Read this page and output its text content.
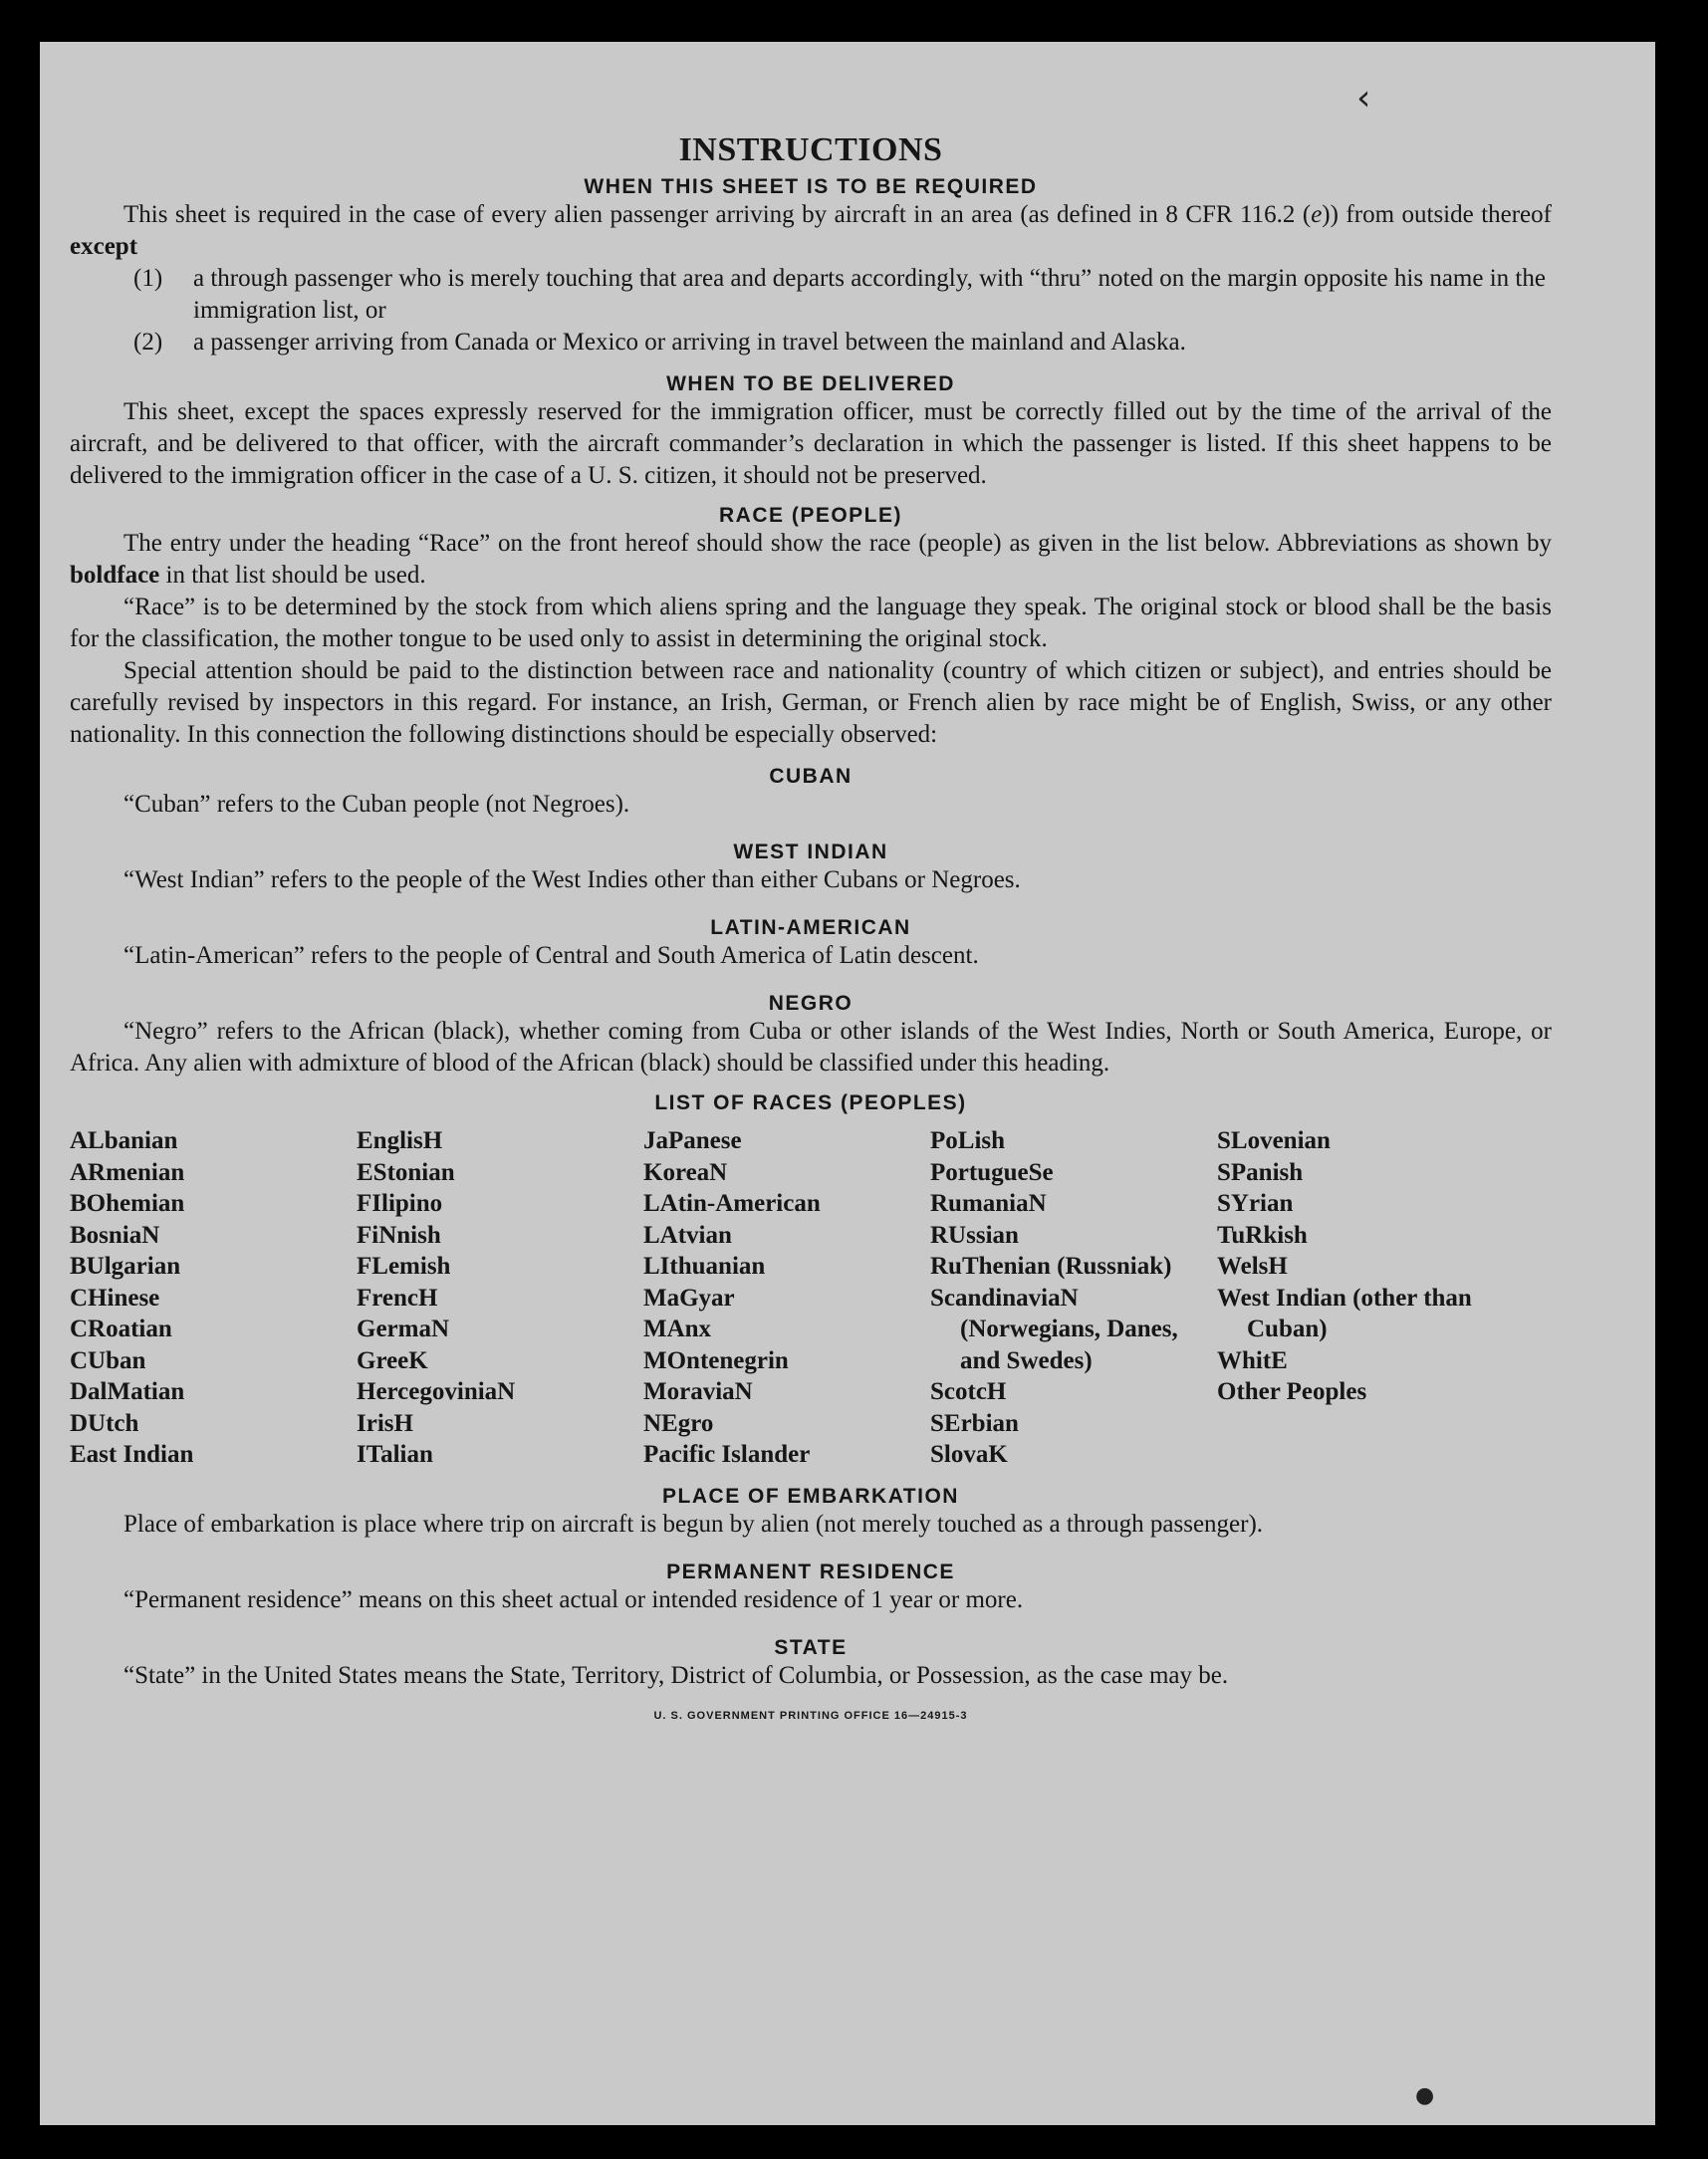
‹
●
INSTRUCTIONS
WHEN THIS SHEET IS TO BE REQUIRED

This sheet is required in the case of every alien passenger arriving by aircraft in an area (as defined in 8 CFR 116.2 (e)) from outside thereof except

(1) a through passenger who is merely touching that area and departs accordingly, with “thru” noted on the margin opposite his name in the immigration list, or
(2) a passenger arriving from Canada or Mexico or arriving in travel between the mainland and Alaska.
WHEN TO BE DELIVERED

This sheet, except the spaces expressly reserved for the immigration officer, must be correctly filled out by the time of the arrival of the aircraft, and be delivered to that officer, with the aircraft commander’s declaration in which the passenger is listed. If this sheet happens to be delivered to the immigration officer in the case of a U. S. citizen, it should not be preserved.

RACE (PEOPLE)

The entry under the heading “Race” on the front hereof should show the race (people) as given in the list below. Abbreviations as shown by boldface in that list should be used.

“Race” is to be determined by the stock from which aliens spring and the language they speak. The original stock or blood shall be the basis for the classification, the mother tongue to be used only to assist in determining the original stock.

Special attention should be paid to the distinction between race and nationality (country of which citizen or subject), and entries should be carefully revised by inspectors in this regard. For instance, an Irish, German, or French alien by race might be of English, Swiss, or any other nationality. In this connection the following distinctions should be especially observed:

CUBAN

“Cuban” refers to the Cuban people (not Negroes).

WEST INDIAN

“West Indian” refers to the people of the West Indies other than either Cubans or Negroes.

LATIN-AMERICAN

“Latin-American” refers to the people of Central and South America of Latin descent.

NEGRO

“Negro” refers to the African (black), whether coming from Cuba or other islands of the West Indies, North or South America, Europe, or Africa. Any alien with admixture of blood of the African (black) should be classified under this heading.

LIST OF RACES (PEOPLES)
ALbanian
ARmenian
BOhemian
BosniaN
BUlgarian
CHinese
CRoatian
CUban
DalMatian
DUtch
East Indian
EnglisH
EStonian
FIlipino
FiNnish
FLemish
FrencH
GermaN
GreeK
HercegoviniaN
IrisH
ITalian
JaPanese
KoreaN
LAtin-American
LAtvian
LIthuanian
MaGyar
MAnx
MOntenegrin
MoraviaN
NEgro
Pacific Islander
PoLish
PortugueSe
RumaniaN
RUssian
RuThenian (Russniak)
ScandinaviaN (Norwegians, Danes, and Swedes)
ScotcH
SErbian
SlovaK
SLovenian
SPanish
SYrian
TuRkish
WelsH
West Indian (other than Cuban)
WhitE
Other Peoples
PLACE OF EMBARKATION

Place of embarkation is place where trip on aircraft is begun by alien (not merely touched as a through passenger).

PERMANENT RESIDENCE

“Permanent residence” means on this sheet actual or intended residence of 1 year or more.

STATE

“State” in the United States means the State, Territory, District of Columbia, or Possession, as the case may be.

U. S. GOVERNMENT PRINTING OFFICE 16—24915-3
